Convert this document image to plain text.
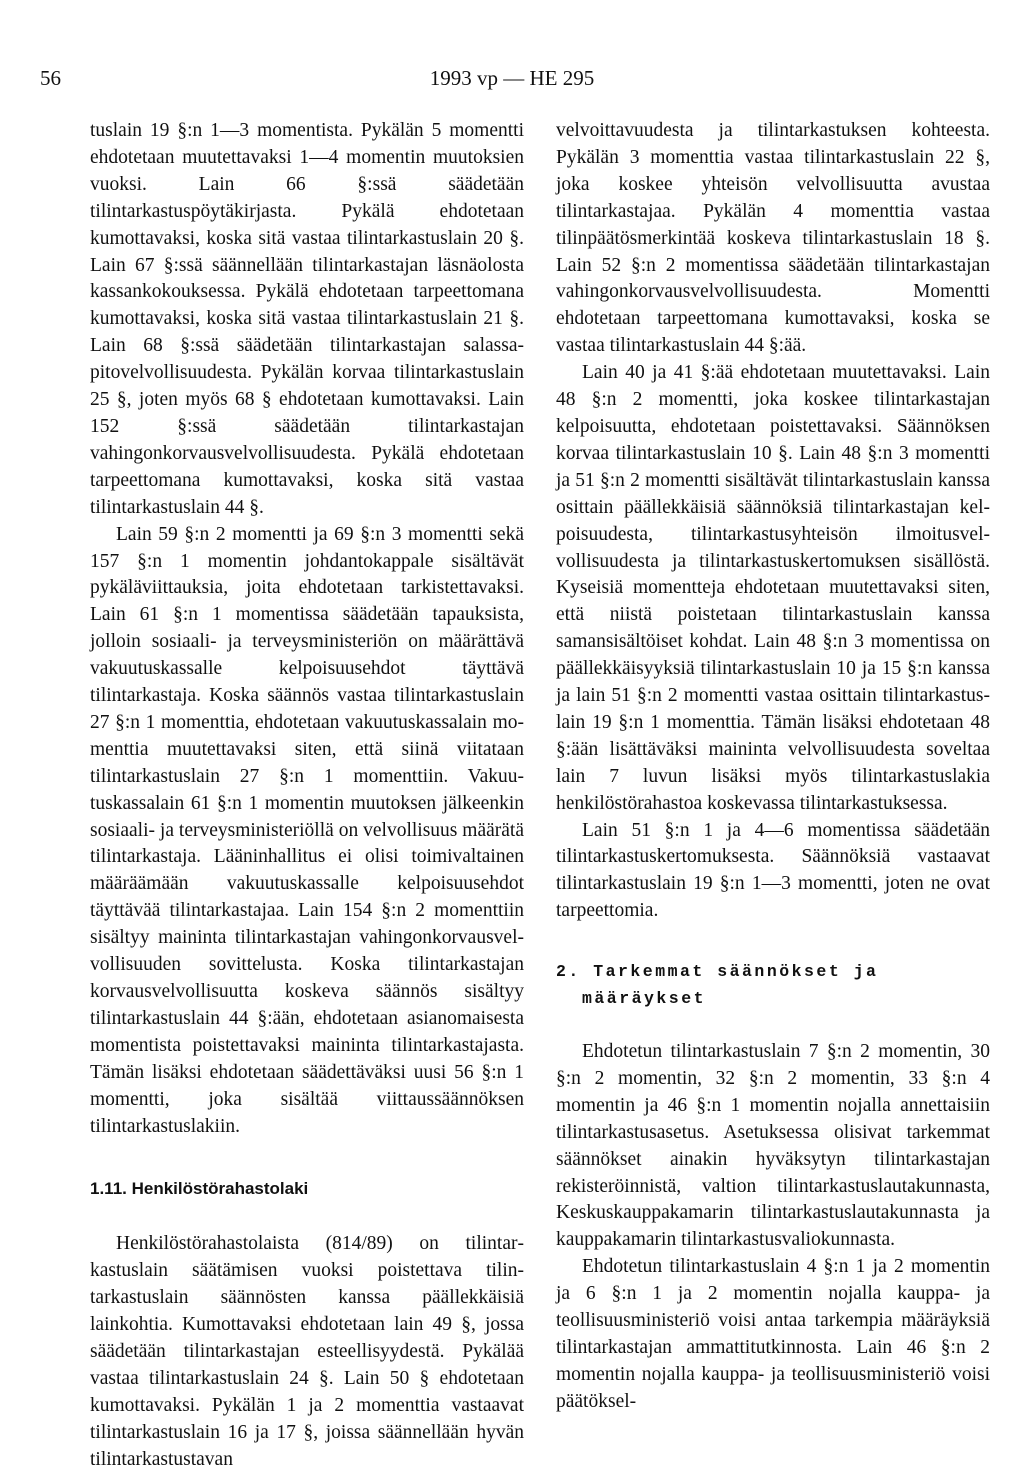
56	1993 vp — HE 295

tuslain 19 §:n 1—3 momentista. Pykälän 5 momentti ehdotetaan muutettavaksi 1—4 momentin muutoksien vuoksi. Lain 66 §:ssä säädetään tilintarkastuspöytäkirjasta. Pykälä ehdotetaan kumottavaksi, koska sitä vastaa tilintarkastuslain 20 §. Lain 67 §:ssä säännellään tilintarkastajan läsnäolosta kassankokouksessa. Pykälä ehdotetaan tarpeettomana kumottavaksi, koska sitä vastaa tilintarkastuslain 21 §. Lain 68 §:ssä säädetään tilintarkastajan salassapitovelvollisuudesta. Pykälän korvaa tilintarkastuslain 25 §, joten myös 68 § ehdotetaan kumottavaksi. Lain 152 §:ssä säädetään tilintarkastajan vahingonkorvausvelvollisuudesta. Pykälä ehdotetaan tarpeettomana kumottavaksi, koska sitä vastaa tilintarkastuslain 44 §.

Lain 59 §:n 2 momentti ja 69 §:n 3 momentti sekä 157 §:n 1 momentin johdantokappale sisältävät pykäläviittauksia, joita ehdotetaan tarkistettavaksi. Lain 61 §:n 1 momentissa säädetään tapauksista, jolloin sosiaali- ja terveysministeriön on määrättävä vakuutuskassalle kelpoisuusehdot täyttävä tilintarkastaja. Koska säännös vastaa tilintarkastuslain 27 §:n 1 momenttia, ehdotetaan vakuutuskassalain momenttia muutettavaksi siten, että siinä viitataan tilintarkastuslain 27 §:n 1 momenttiin. Vakuutuskassalain 61 §:n 1 momentin muutoksen jälkeenkin sosiaali- ja terveysministeriöllä on velvollisuus määrätä tilintarkastaja. Lääninhallitus ei olisi toimivaltainen määräämään vakuutuskassalle kelpoisuusehdot täyttävää tilintarkastajaa. Lain 154 §:n 2 momenttiin sisältyy maininta tilintarkastajan vahingonkorvausvelvollisuuden sovittelusta. Koska tilintarkastajan korvausvelvollisuutta koskeva säännös sisältyy tilintarkastuslain 44 §:ään, ehdotetaan asianomaisesta momentista poistettavaksi maininta tilintarkastajasta. Tämän lisäksi ehdotetaan säädettäväksi uusi 56 §:n 1 momentti, joka sisältää viittaussäännöksen tilintarkastuslakiin.

1.11. Henkilöstörahastolaki

Henkilöstörahastolaista (814/89) on tilintarkastuslain säätämisen vuoksi poistettava tilintarkastuslain säännösten kanssa päällekkäisiä lainkohtia. Kumottavaksi ehdotetaan lain 49 §, jossa säädetään tilintarkastajan esteellisyydestä. Pykälää vastaa tilintarkastuslain 24 §. Lain 50 § ehdotetaan kumottavaksi. Pykälän 1 ja 2 momenttia vastaavat tilintarkastuslain 16 ja 17 §, joissa säännellään hyvän tilintarkastustavan

velvoittavuudesta ja tilintarkastuksen kohteesta. Pykälän 3 momenttia vastaa tilintarkastuslain 22 §, joka koskee yhteisön velvollisuutta avustaa tilintarkastajaa. Pykälän 4 momenttia vastaa tilinpäätösmerkintää koskeva tilintarkastuslain 18 §. Lain 52 §:n 2 momentissa säädetään tilintarkastajan vahingonkorvausvelvollisuudesta. Momentti ehdotetaan tarpeettomana kumottavaksi, koska se vastaa tilintarkastuslain 44 §:ää.

Lain 40 ja 41 §:ää ehdotetaan muutettavaksi. Lain 48 §:n 2 momentti, joka koskee tilintarkastajan kelpoisuutta, ehdotetaan poistettavaksi. Säännöksen korvaa tilintarkastuslain 10 §. Lain 48 §:n 3 momentti ja 51 §:n 2 momentti sisältävät tilintarkastuslain kanssa osittain päällekkäisiä säännöksiä tilintarkastajan kelpoisuudesta, tilintarkastusyhteisön ilmoitusvelvollisuudesta ja tilintarkastuskertomuksen sisällöstä. Kyseisiä momentteja ehdotetaan muutettavaksi siten, että niistä poistetaan tilintarkastuslain kanssa samansisältöiset kohdat. Lain 48 §:n 3 momentissa on päällekkäisyyksiä tilintarkastuslain 10 ja 15 §:n kanssa ja lain 51 §:n 2 momentti vastaa osittain tilintarkastuslain 19 §:n 1 momenttia. Tämän lisäksi ehdotetaan 48 §:ään lisättäväksi maininta velvollisuudesta soveltaa lain 7 luvun lisäksi myös tilintarkastuslakia henkilöstörahastoa koskevassa tilintarkastuksessa.

Lain 51 §:n 1 ja 4—6 momentissa säädetään tilintarkastuskertomuksesta. Säännöksiä vastaavat tilintarkastuslain 19 §:n 1—3 momentti, joten ne ovat tarpeettomia.

2. Tarkemmat säännökset ja määräykset

Ehdotetun tilintarkastuslain 7 §:n 2 momentin, 30 §:n 2 momentin, 32 §:n 2 momentin, 33 §:n 4 momentin ja 46 §:n 1 momentin nojalla annettaisiin tilintarkastusasetus. Asetuksessa olisivat tarkemmat säännökset ainakin hyväksytyn tilintarkastajan rekisteröinnistä, valtion tilintarkastuslautakunnasta, Keskuskauppakamarin tilintarkastuslautakunnasta ja kauppakamarin tilintarkastusvaliokunnasta.

Ehdotetun tilintarkastuslain 4 §:n 1 ja 2 momentin ja 6 §:n 1 ja 2 momentin nojalla kauppa- ja teollisuusministeriö voisi antaa tarkempia määräyksiä tilintarkastajan ammattitutkinnosta. Lain 46 §:n 2 momentin nojalla kauppa- ja teollisuusministeriö voisi päätöksel-
